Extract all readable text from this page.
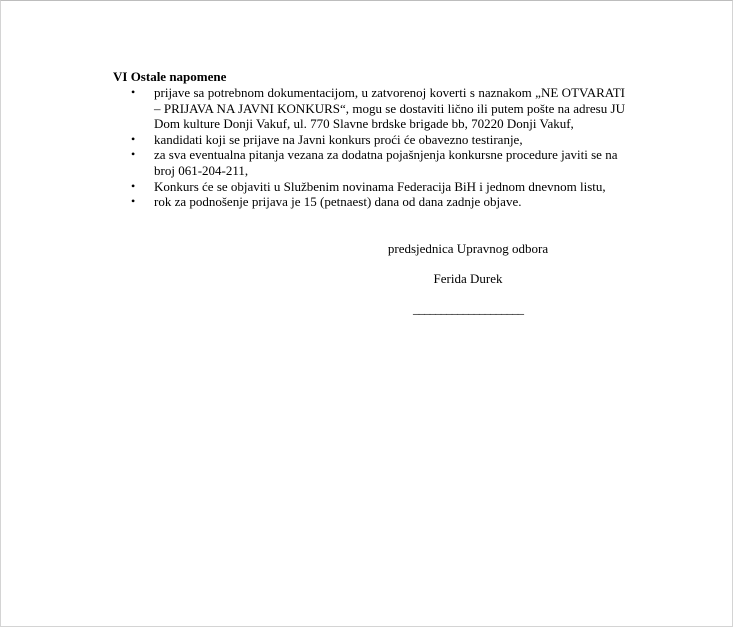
VI Ostale napomene
• prijave sa potrebnom dokumentacijom, u zatvorenoj koverti s naznakom „NE OTVARATI – PRIJAVA NA JAVNI KONKURS“, mogu se dostaviti lično ili putem pošte na adresu JU Dom kulture Donji Vakuf, ul. 770 Slavne brdske brigade bb, 70220 Donji Vakuf,
• kandidati koji se prijave na Javni konkurs proći će obavezno testiranje,
• za sva eventualna pitanja vezana za dodatna pojašnjenja konkursne procedure javiti se na broj 061-204-211,
• Konkurs će se objaviti u Službenim novinama Federacija BiH i jednom dnevnom listu,
• rok za podnošenje prijava je 15 (petnaest) dana od dana zadnje objave.
predsjednica Upravnog odbora
Ferida Durek
____________________
